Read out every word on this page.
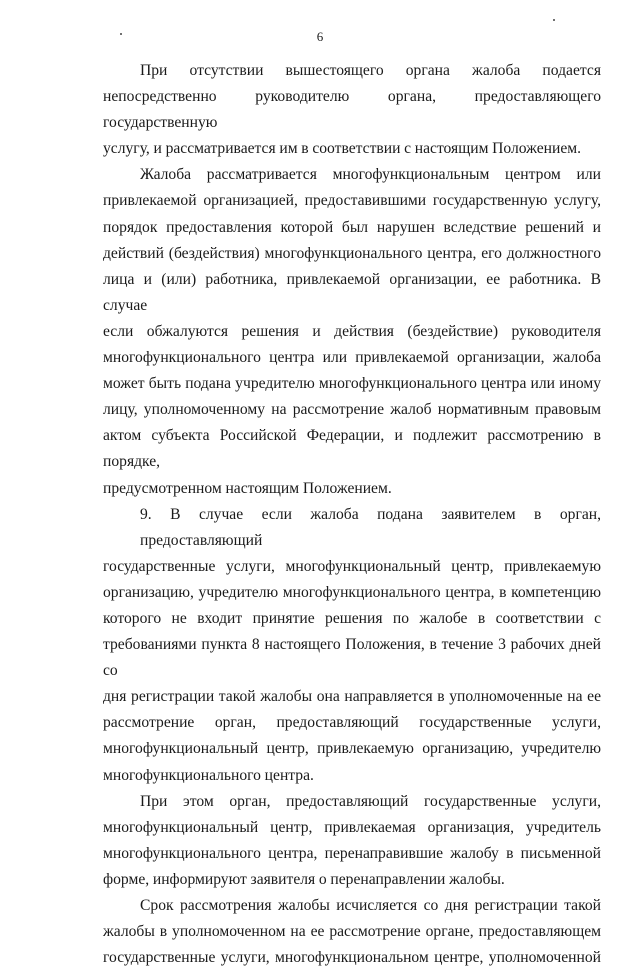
6

При отсутствии вышестоящего органа жалоба подается
непосредственно руководителю органа, предоставляющего государственную
услугу, и рассматривается им в соответствии с настоящим Положением.

Жалоба рассматривается многофункциональным центром или
привлекаемой организацией, предоставившими государственную услугу,
порядок предоставления которой был нарушен вследствие решений и
действий (бездействия) многофункционального центра, его должностного
лица и (или) работника, привлекаемой организации, ее работника. В случае
если обжалуются решения и действия (бездействие) руководителя
многофункционального центра или привлекаемой организации, жалоба
может быть подана учредителю многофункционального центра или иному
лицу, уполномоченному на рассмотрение жалоб нормативным правовым
актом субъекта Российской Федерации, и подлежит рассмотрению в порядке,
предусмотренном настоящим Положением.

9. В случае если жалоба подана заявителем в орган, предоставляющий
государственные услуги, многофункциональный центр, привлекаемую
организацию, учредителю многофункционального центра, в компетенцию
которого не входит принятие решения по жалобе в соответствии с
требованиями пункта 8 настоящего Положения, в течение 3 рабочих дней со
дня регистрации такой жалобы она направляется в уполномоченные на ее
рассмотрение орган, предоставляющий государственные услуги,
многофункциональный центр, привлекаемую организацию, учредителю
многофункционального центра.

При этом орган, предоставляющий государственные услуги,
многофункциональный центр, привлекаемая организация, учредитель
многофункционального центра, перенаправившие жалобу в письменной
форме, информируют заявителя о перенаправлении жалобы.

Срок рассмотрения жалобы исчисляется со дня регистрации такой
жалобы в уполномоченном на ее рассмотрение органе, предоставляющем
государственные услуги, многофункциональном центре, уполномоченной
